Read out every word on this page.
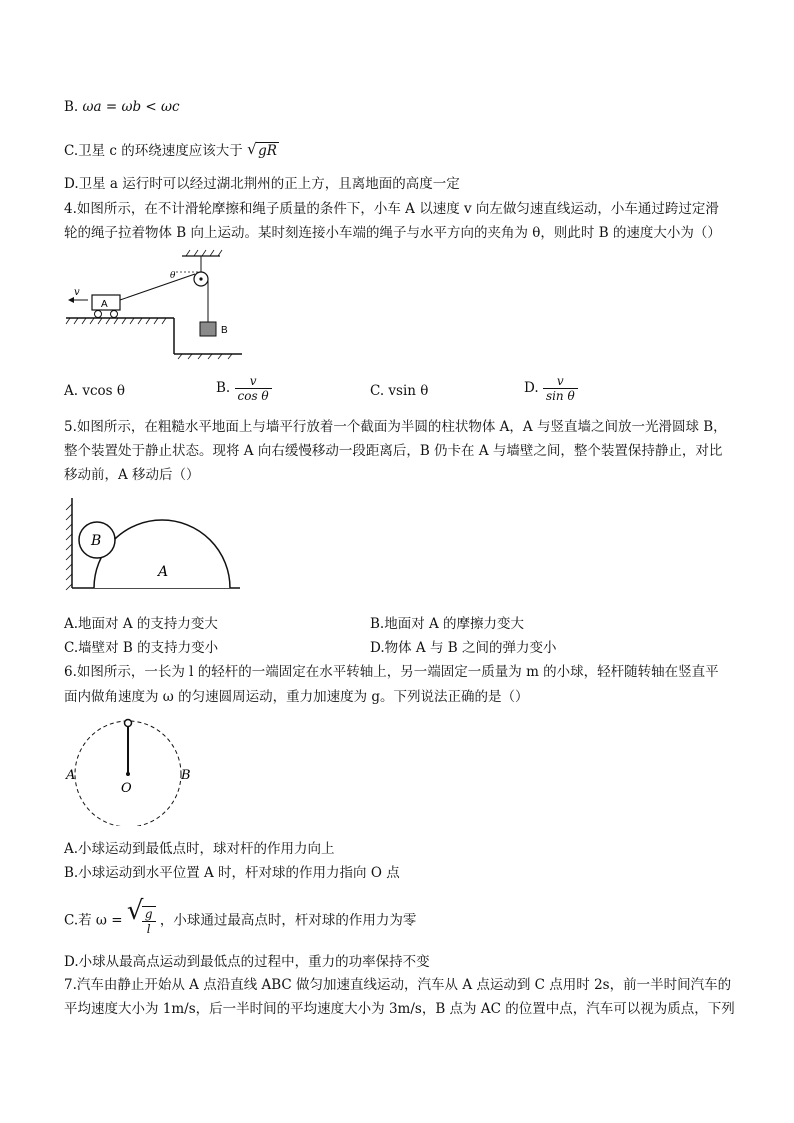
B. ωa = ωb < ωc
C.卫星 c 的环绕速度应该大于 √ gR
D.卫星 a 运行时可以经过湖北荆州的正上方，且离地面的高度一定
4.如图所示，在不计滑轮摩擦和绳子质量的条件下，小车 A 以速度 v 向左做匀速直线运动，小车通过跨过定滑
轮的绳子拉着物体 B 向上运动。某时刻连接小车端的绳子与水平方向的夹角为 θ，则此时 B 的速度大小为（）
A
v
θ
B
A. vcos θ	B. $\frac{v}{\text{cos θ}}$	C. vsin θ	D. $\frac{v}{\text{sin θ}}$
5.如图所示，在粗糙水平地面上与墙平行放着一个截面为半圆的柱状物体 A，A 与竖直墙之间放一光滑圆球 B，
整个装置处于静止状态。现将 A 向右缓慢移动一段距离后，B 仍卡在 A 与墙壁之间，整个装置保持静止，对比
移动前，A 移动后（）
A
B
A.地面对 A 的支持力变大	B.地面对 A 的摩擦力变大
C.墙壁对 B 的支持力变小	D.物体 A 与 B 之间的弹力变小
6.如图所示，一长为 l 的轻杆的一端固定在水平转轴上，另一端固定一质量为 m 的小球，轻杆随转轴在竖直平
面内做角速度为 ω 的匀速圆周运动，重力加速度为 g。下列说法正确的是（）
A	B
O
A.小球运动到最低点时，球对杆的作用力向上
B.小球运动到水平位置 A 时，杆对球的作用力指向 O 点
C.若 ω = √
$\frac{g}{l}$ ，小球通过最高点时，杆对球的作用力为零
D.小球从最高点运动到最低点的过程中，重力的功率保持不变
7.汽车由静止开始从 A 点沿直线 ABC 做匀加速直线运动，汽车从 A 点运动到 C 点用时 2s，前一半时间汽车的
平均速度大小为 1m/s，后一半时间的平均速度大小为 3m/s，B 点为 AC 的位置中点，汽车可以视为质点，下列
